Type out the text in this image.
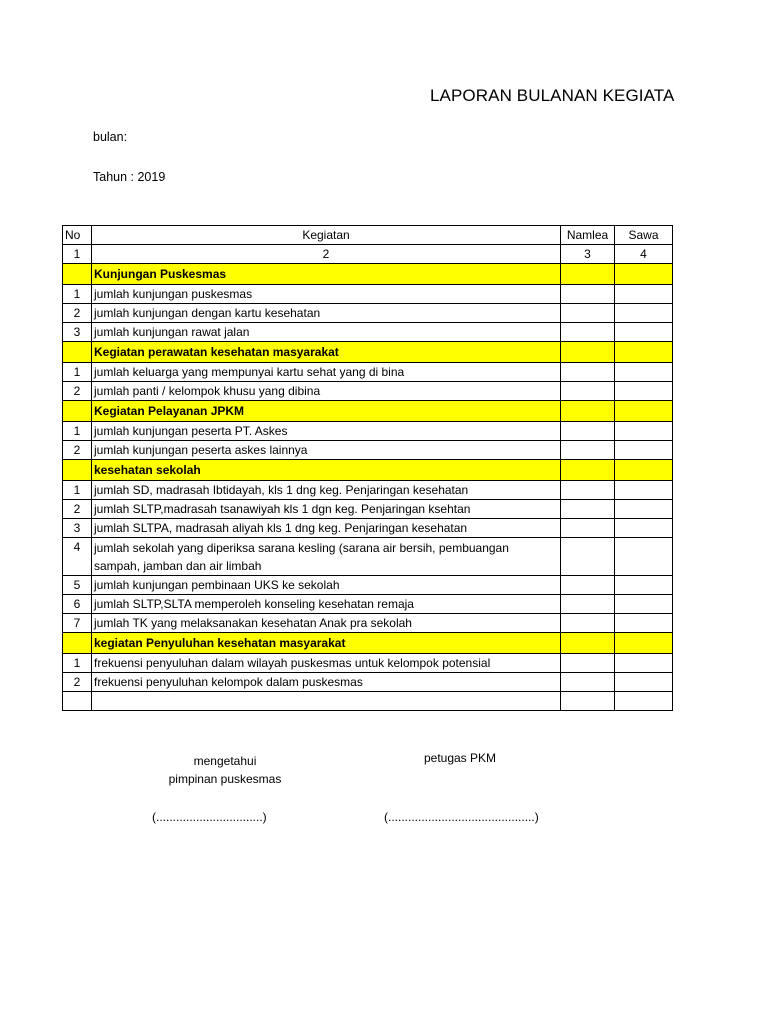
LAPORAN BULANAN KEGIATA
bulan:
Tahun : 2019
No	Kegiatan	Namlea	Sawa
1	2	3	4
	Kunjungan Puskesmas		
1	jumlah kunjungan puskesmas		
2	jumlah kunjungan dengan kartu kesehatan		
3	jumlah kunjungan rawat jalan		
	Kegiatan perawatan kesehatan masyarakat		
1	jumlah keluarga yang mempunyai kartu sehat yang di bina		
2	jumlah panti / kelompok khusu yang dibina		
	Kegiatan Pelayanan JPKM		
1	jumlah kunjungan peserta PT. Askes		
2	jumlah kunjungan peserta askes lainnya		
	kesehatan sekolah		
1	jumlah SD, madrasah Ibtidayah, kls 1 dng keg. Penjaringan kesehatan		
2	jumlah SLTP,madrasah tsanawiyah kls 1 dgn keg. Penjaringan ksehtan		
3	jumlah SLTPA, madrasah aliyah kls 1 dng keg. Penjaringan kesehatan		
4	jumlah sekolah yang diperiksa sarana kesling (sarana air bersih, pembuangan sampah, jamban dan air limbah		
5	jumlah kunjungan pembinaan UKS ke sekolah		
6	jumlah SLTP,SLTA memperoleh konseling kesehatan remaja		
7	jumlah TK yang melaksanakan kesehatan Anak pra sekolah		
	kegiatan Penyuluhan kesehatan masyarakat		
1	frekuensi penyuluhan dalam wilayah puskesmas untuk kelompok potensial		
2	frekuensi penyuluhan kelompok dalam puskesmas		

mengetahui
pimpinan puskesmas
petugas PKM
(................................)	(............................................)
